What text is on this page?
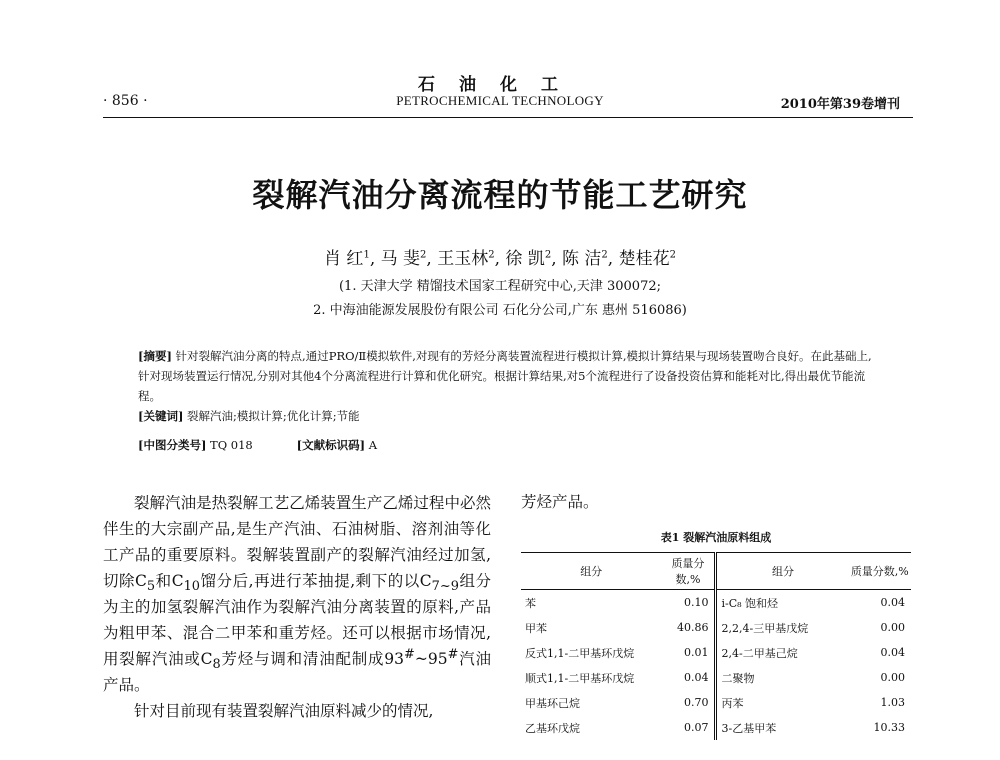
石油化工
· 856 ·	PETROCHEMICAL TECHNOLOGY	2010年第39卷增刊
裂解汽油分离流程的节能工艺研究
肖 红$^1$, 马 斐$^2$, 王玉林$^2$, 徐 凯$^2$, 陈 洁$^2$, 楚桂花$^2$
(1. 天津大学 精馏技术国家工程研究中心,天津 300072;
2. 中海油能源发展股份有限公司 石化分公司,广东 惠州 516086)

[摘要] 针对裂解汽油分离的特点,通过PRO/Ⅱ模拟软件,对现有的芳烃分离装置流程进行模拟计算,模拟计算结果与现场装置吻合良好。在此基础上,针对现场装置运行情况,分别对其他4个分离流程进行计算和优化研究。根据计算结果,对5个流程进行了设备投资估算和能耗对比,得出最优节能流程。

[关键词] 裂解汽油;模拟计算;优化计算;节能

[中图分类号] TQ 018	[文献标识码] A

裂解汽油是热裂解工艺乙烯装置生产乙烯过程中必然伴生的大宗副产品,是生产汽油、石油树脂、溶剂油等化工产品的重要原料。裂解装置副产的裂解汽油经过加氢,切除$C_5$和$C_{10}$馏分后,再进行苯抽提,剩下的以$C_{7\sim 9}$组分为主的加氢裂解汽油作为裂解汽油分离装置的原料,产品为粗甲苯、混合二甲苯和重芳烃。还可以根据市场情况,用裂解汽油或$C_8$芳烃与调和清油配制成93#~95#汽油产品。

针对目前现有装置裂解汽油原料减少的情况,

芳烃产品。
表1 裂解汽油原料组成
组分	质量分数,%	组分	质量分数,%
苯	0.10	i-C₈ 饱和烃	0.04
甲苯	40.86	2,2,4-三甲基戊烷	0.00
反式1,1-二甲基环戊烷	0.01	2,4-二甲基己烷	0.04
顺式1,1-二甲基环戊烷	0.04	二聚物	0.00
甲基环己烷	0.70	丙苯	1.03
乙基环戊烷	0.07	3-乙基甲苯	10.33
